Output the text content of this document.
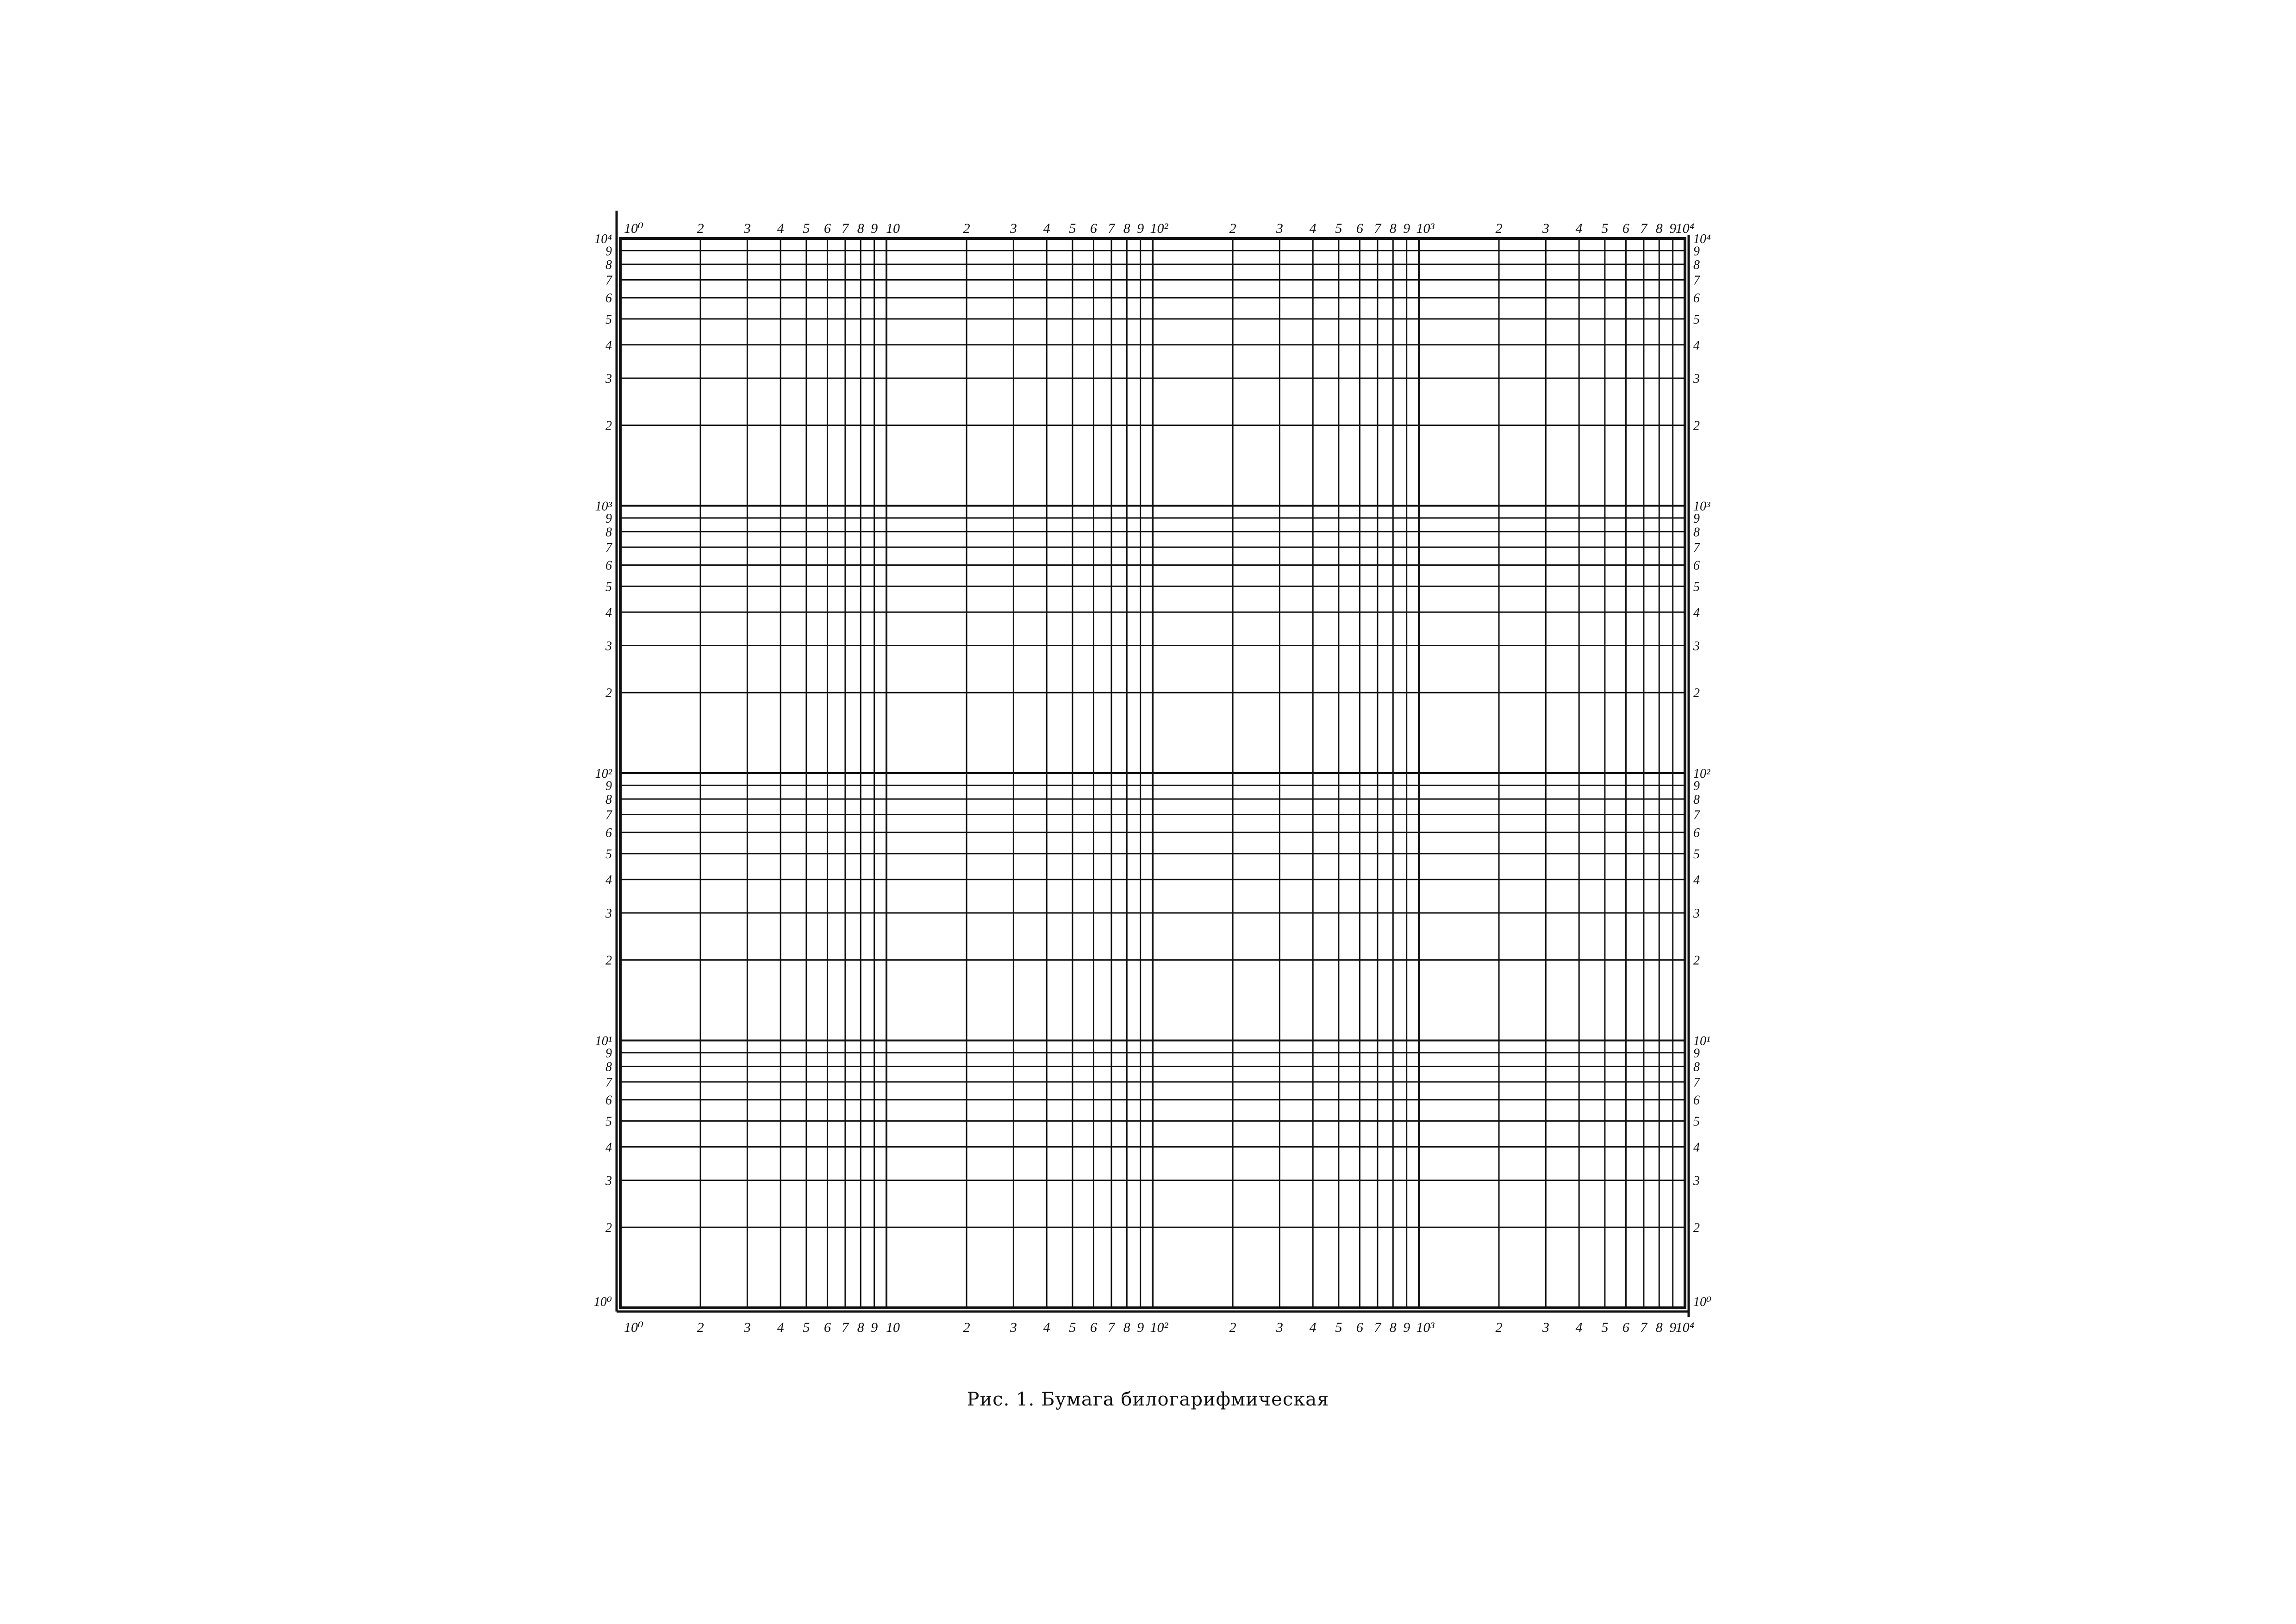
2	3 4 5 6 7 8 9	2	3 4 5 6 7 8 9	2	3 4 5 6 7 8 9	2	3 4 5 6 7 8 9
10⁰	10	10²	10³	10⁴
2	3 4 5 6 7 8 9	2	3 4 5 6 7 8 9	2	3 4 5 6 7 8 9	2	3 4 5 6 7 8 9
10⁰	10	10²	10³	10⁴
2
3
4
5
6
7
8
9
2
3
4
5
6
7
8
9
2
3
4
5
6
7
8
9
2
3
4
5
6
7
8
9
10⁰
10¹
10²
10³
10⁴
2
3
4
5
6
7
8
9
2
3
4
5
6
7
8
9
2
3
4
5
6
7
8
9
2
3
4
5
6
7
8
9
10⁰
10¹
10²
10³
10⁴
Рис. 1. Бумага билогарифмическая
